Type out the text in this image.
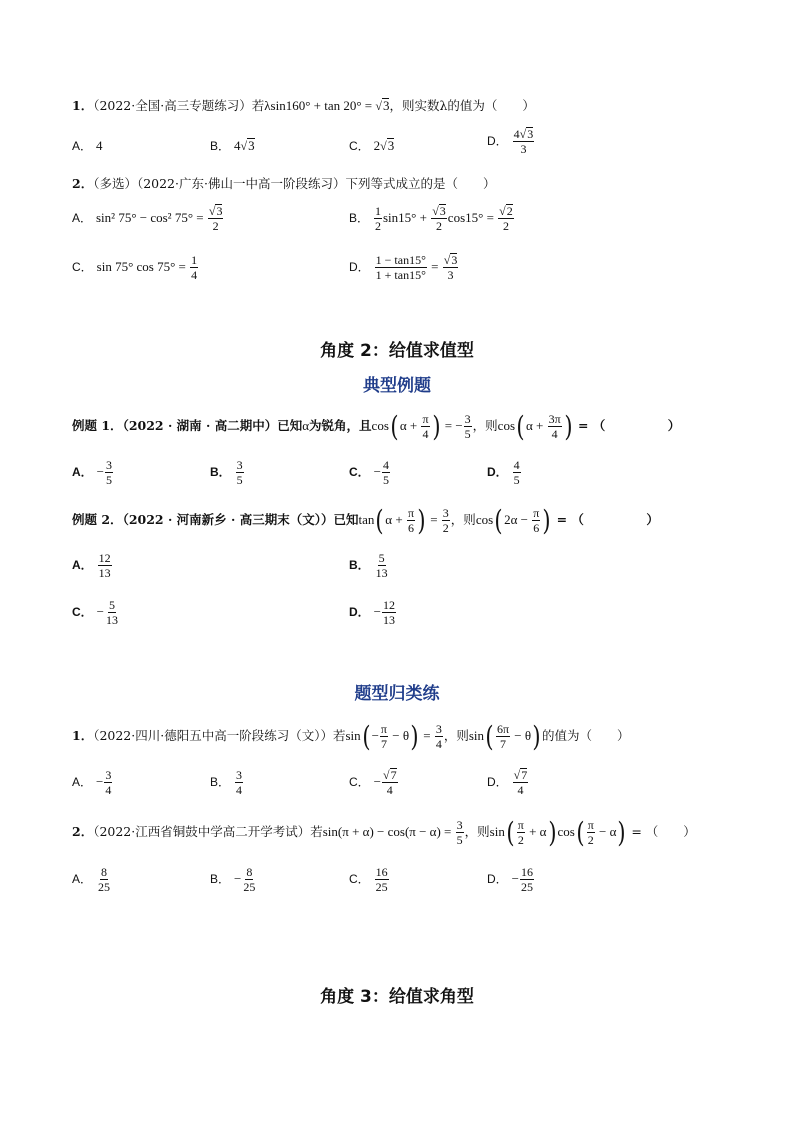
1．（2022·全国·高三专题练习）若λsin160° + tan 20° = √3，则实数λ的值为（　　）
A． 4	B． 4√3	C． 2√3	D． $\frac{4√3}{3}$
2．（多选）（2022·广东·佛山一中高一阶段练习）下列等式成立的是（　　）
A． sin² 75° − cos² $75^\circ = \frac{√3}{2}$	B． $\frac{1}{2} \sin 15^\circ + \frac{√3}{2} \cos 15^\circ = \frac{√2}{2}$
C． sin 75° $\cos 75^\circ = \frac{1}{4}$	D． $\frac{1 - \tan 15^\circ}{1 + \tan 15^\circ} = \frac{√3}{3}$
角度 2：给值求值型
典型例题
例题 1．（2022 · 湖南 · 高二期中）已知α为锐角，且$\cos(\alpha + \frac{\pi}{4}$ ) = − $\frac{3}{5}$ ，则$\cos(\alpha + \frac{3\pi}{4}$ ) = （　　　　　）
A． − $\frac{3}{5}$	B． $\frac{3}{5}$	C． − $\frac{4}{5}$	D． $\frac{4}{5}$
例题 2．（2022 · 河南新乡 · 高三期末（文））已知$\tan(\alpha + \frac{\pi}{6}$ ) = $\frac{3}{2}$ ，则$\cos(2\alpha - \frac{\pi}{6}$ ) = （　　　　　）
A． $\frac{12}{13}$	B． $\frac{5}{13}$
C． − $\frac{5}{13}$	D． − $\frac{12}{13}$
题型归类练
1．（2022·四川·德阳五中高一阶段练习（文））若$\sin(- \frac{\pi}{7} - \theta) = \frac{3}{4}$ ，则$\sin( \frac{6\pi}{7} - \theta)$的值为（　　）
A． − $\frac{3}{4}$	B． $\frac{3}{4}$	C． − $\frac{√7}{4}$	D． $\frac{√7}{4}$
2．（2022·江西省铜鼓中学高二开学考试）若$\sin(\pi + \alpha) - \cos(\pi - \alpha) = \frac{3}{5}$ ，则$\sin( \frac{\pi}{2} + \alpha)\cos( \frac{\pi}{2} - \alpha)$ = （　　）
A． $\frac{8}{25}$	B． − $\frac{8}{25}$	C． $\frac{16}{25}$	D． − $\frac{16}{25}$
角度 3：给值求角型
